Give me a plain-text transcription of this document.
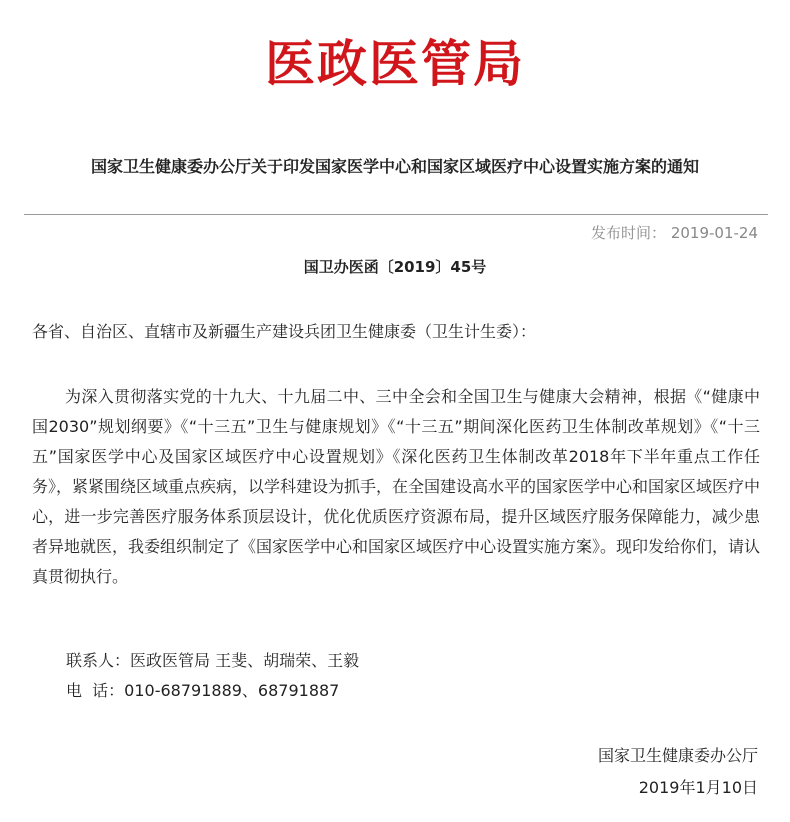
医政医管局
国家卫生健康委办公厅关于印发国家医学中心和国家区域医疗中心设置实施方案的通知
发布时间： 2019-01-24
国卫办医函〔2019〕45号
各省、自治区、直辖市及新疆生产建设兵团卫生健康委（卫生计生委）：

为深入贯彻落实党的十九大、十九届二中、三中全会和全国卫生与健康大会精神，根据《“健康中国2030”规划纲要》《“十三五”卫生与健康规划》《“十三五”期间深化医药卫生体制改革规划》《“十三五”国家医学中心及国家区域医疗中心设置规划》《深化医药卫生体制改革2018年下半年重点工作任务》，紧紧围绕区域重点疾病，以学科建设为抓手，在全国建设高水平的国家医学中心和国家区域医疗中心，进一步完善医疗服务体系顶层设计，优化优质医疗资源布局，提升区域医疗服务保障能力，减少患者异地就医，我委组织制定了《国家医学中心和国家区域医疗中心设置实施方案》。现印发给你们，请认真贯彻执行。

联系人：医政医管局 王斐、胡瑞荣、王毅
电  话：010-68791889、68791887
国家卫生健康委办公厅
2019年1月10日
